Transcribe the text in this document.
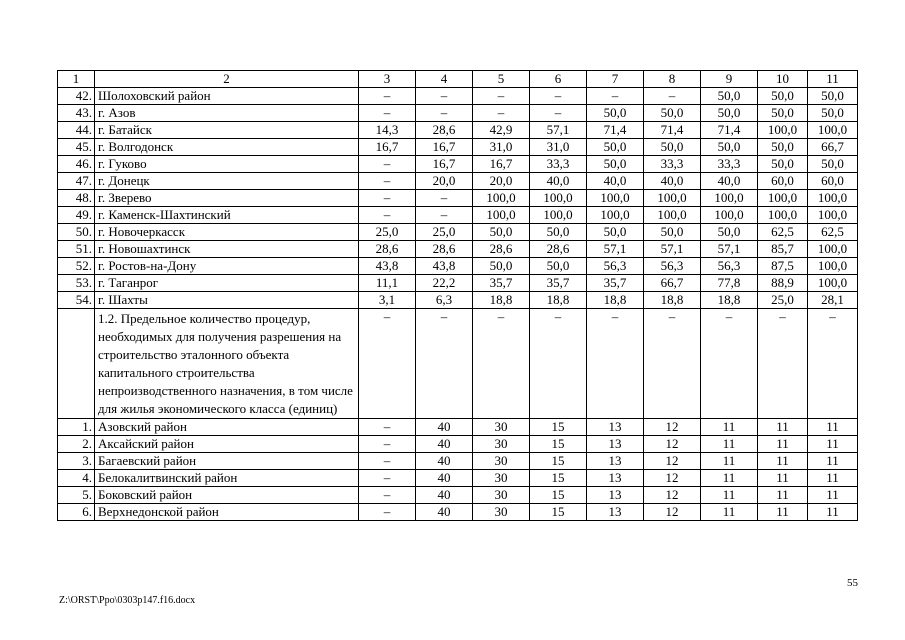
1	2	3	4	5	6	7	8	9	10	11
42.	Шолоховский район	–	–	–	–	–	–	50,0	50,0	50,0
43.	г. Азов	–	–	–	–	50,0	50,0	50,0	50,0	50,0
44.	г. Батайск	14,3	28,6	42,9	57,1	71,4	71,4	71,4	100,0	100,0
45.	г. Волгодонск	16,7	16,7	31,0	31,0	50,0	50,0	50,0	50,0	66,7
46.	г. Гуково	–	16,7	16,7	33,3	50,0	33,3	33,3	50,0	50,0
47.	г. Донецк	–	20,0	20,0	40,0	40,0	40,0	40,0	60,0	60,0
48.	г. Зверево	–	–	100,0	100,0	100,0	100,0	100,0	100,0	100,0
49.	г. Каменск-Шахтинский	–	–	100,0	100,0	100,0	100,0	100,0	100,0	100,0
50.	г. Новочеркасск	25,0	25,0	50,0	50,0	50,0	50,0	50,0	62,5	62,5
51.	г. Новошахтинск	28,6	28,6	28,6	28,6	57,1	57,1	57,1	85,7	100,0
52.	г. Ростов-на-Дону	43,8	43,8	50,0	50,0	56,3	56,3	56,3	87,5	100,0
53.	г. Таганрог	11,1	22,2	35,7	35,7	35,7	66,7	77,8	88,9	100,0
54.	г. Шахты	3,1	6,3	18,8	18,8	18,8	18,8	18,8	25,0	28,1
	1.2. Предельное количество процедур, необходимых для получения разрешения на строительство эталонного объекта капитального строительства непроизводственного назначения, в том числе для жилья экономического класса (единиц)	–	–	–	–	–	–	–	–	–
1.	Азовский район	–	40	30	15	13	12	11	11	11
2.	Аксайский район	–	40	30	15	13	12	11	11	11
3.	Багаевский район	–	40	30	15	13	12	11	11	11
4.	Белокалитвинский район	–	40	30	15	13	12	11	11	11
5.	Боковский район	–	40	30	15	13	12	11	11	11
6.	Верхнедонской район	–	40	30	15	13	12	11	11	11
55
Z:\ORST\Ppo\0303p147.f16.docx
